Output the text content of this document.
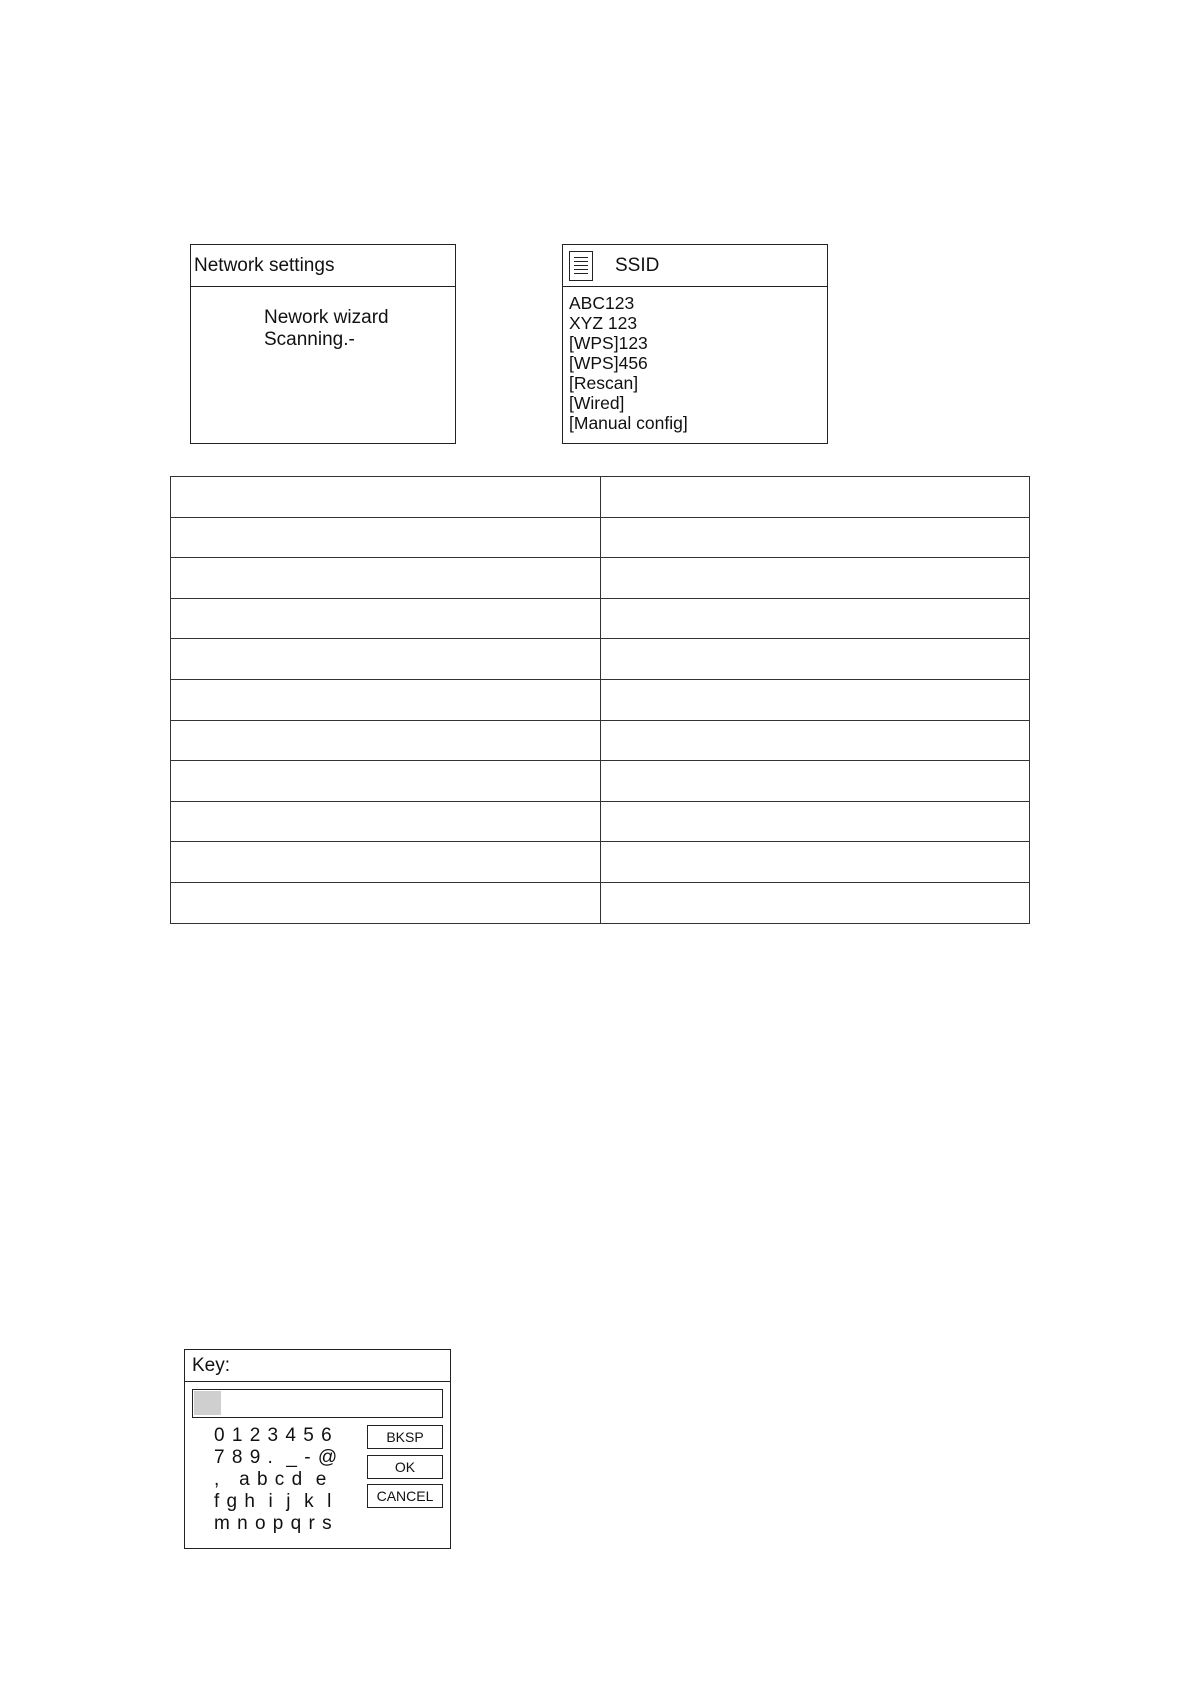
Network settings
Nework wizard
Scanning.-
SSID
ABC123
XYZ 123
[WPS]123
[WPS]456
[Rescan]
[Wired]
[Manual config]

Key:
0 1 2 3 4 5 6
7 8 9 .  _ - @
,   a b c d  e
f g h  i  j  k  l
m n o p q r s
BKSP
OK
CANCEL
